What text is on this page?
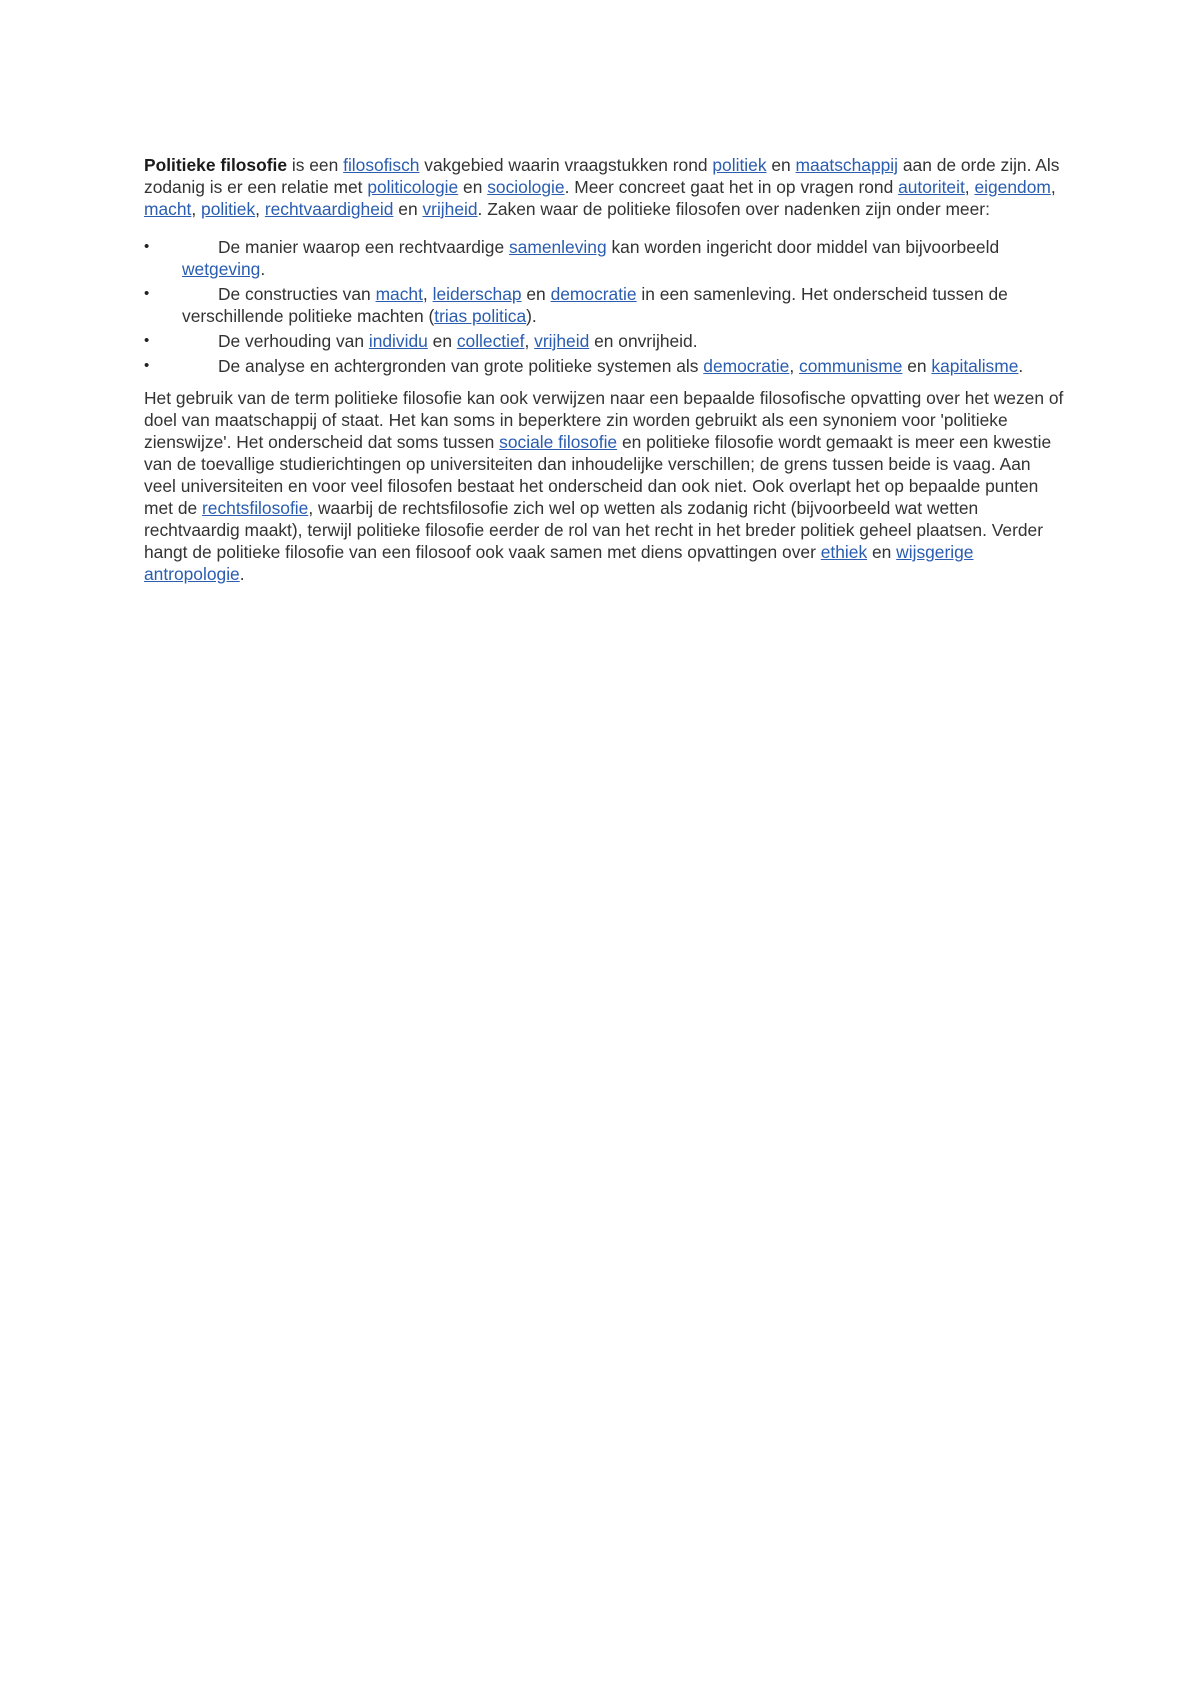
Politieke filosofie is een filosofisch vakgebied waarin vraagstukken rond politiek en maatschappij aan de orde zijn. Als zodanig is er een relatie met politicologie en sociologie. Meer concreet gaat het in op vragen rond autoriteit, eigendom, macht, politiek, rechtvaardigheid en vrijheid. Zaken waar de politieke filosofen over nadenken zijn onder meer:

•	De manier waarop een rechtvaardige samenleving kan worden ingericht door middel van bijvoorbeeld wetgeving.
•	De constructies van macht, leiderschap en democratie in een samenleving. Het onderscheid tussen de verschillende politieke machten (trias politica).
•	De verhouding van individu en collectief, vrijheid en onvrijheid.
•	De analyse en achtergronden van grote politieke systemen als democratie, communisme en kapitalisme.

Het gebruik van de term politieke filosofie kan ook verwijzen naar een bepaalde filosofische opvatting over het wezen of doel van maatschappij of staat. Het kan soms in beperktere zin worden gebruikt als een synoniem voor 'politieke zienswijze'. Het onderscheid dat soms tussen sociale filosofie en politieke filosofie wordt gemaakt is meer een kwestie van de toevallige studierichtingen op universiteiten dan inhoudelijke verschillen; de grens tussen beide is vaag. Aan veel universiteiten en voor veel filosofen bestaat het onderscheid dan ook niet. Ook overlapt het op bepaalde punten met de rechtsfilosofie, waarbij de rechtsfilosofie zich wel op wetten als zodanig richt (bijvoorbeeld wat wetten rechtvaardig maakt), terwijl politieke filosofie eerder de rol van het recht in het breder politiek geheel plaatsen. Verder hangt de politieke filosofie van een filosoof ook vaak samen met diens opvattingen over ethiek en wijsgerige antropologie.
